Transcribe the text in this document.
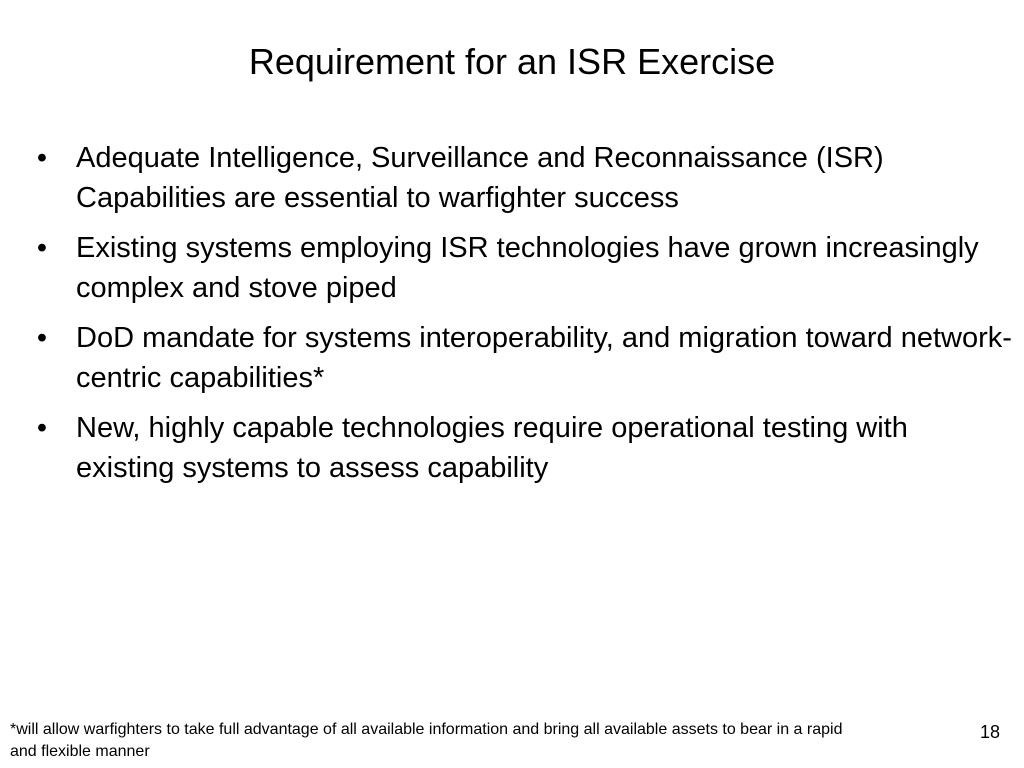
Requirement for an ISR Exercise
• Adequate Intelligence, Surveillance and Reconnaissance (ISR) Capabilities are essential to warfighter success
• Existing systems employing ISR technologies have grown increasingly complex and stove piped
• DoD mandate for systems interoperability, and migration toward network-centric capabilities*
• New, highly capable technologies require operational testing with existing systems to assess capability

*will allow warfighters to take full advantage of all available information and bring all available assets to bear in a rapid and flexible manner

18
